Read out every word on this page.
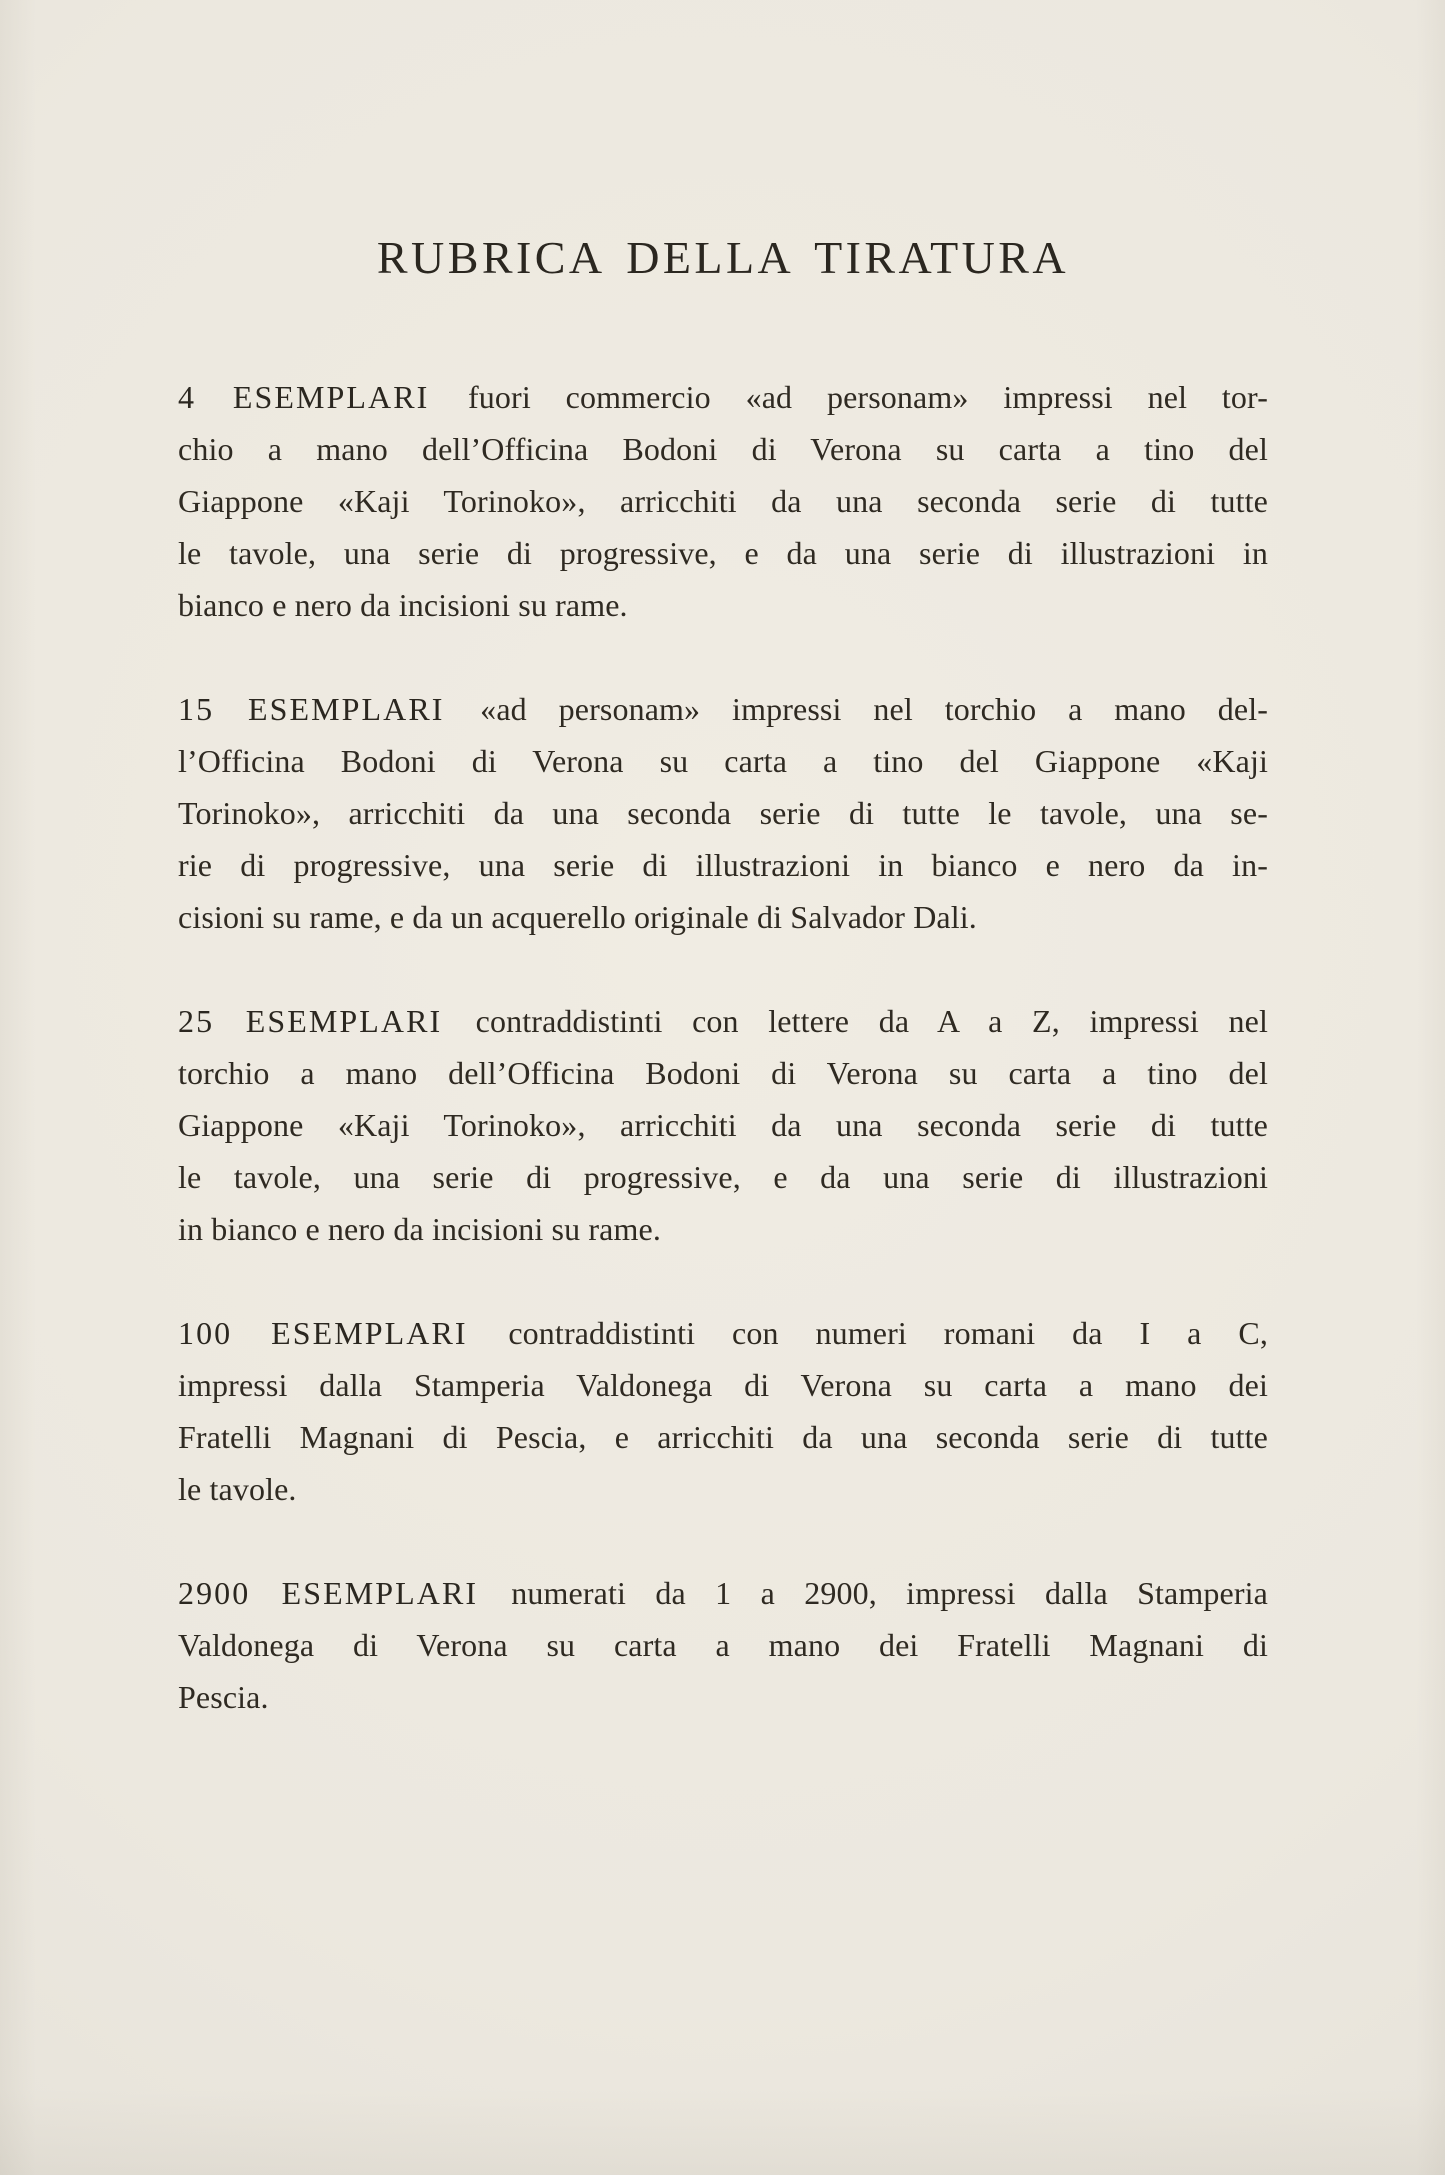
RUBRICA DELLA TIRATURA
4 ESEMPLARI fuori commercio «ad personam» impressi nel tor-
chio a mano dell’Officina Bodoni di Verona su carta a tino del
Giappone «Kaji Torinoko», arricchiti da una seconda serie di tutte
le tavole, una serie di progressive, e da una serie di illustrazioni in
bianco e nero da incisioni su rame.
15 ESEMPLARI «ad personam» impressi nel torchio a mano del-
l’Officina Bodoni di Verona su carta a tino del Giappone «Kaji
Torinoko», arricchiti da una seconda serie di tutte le tavole, una se-
rie di progressive, una serie di illustrazioni in bianco e nero da in-
cisioni su rame, e da un acquerello originale di Salvador Dali.
25 ESEMPLARI contraddistinti con lettere da A a Z, impressi nel
torchio a mano dell’Officina Bodoni di Verona su carta a tino del
Giappone «Kaji Torinoko», arricchiti da una seconda serie di tutte
le tavole, una serie di progressive, e da una serie di illustrazioni
in bianco e nero da incisioni su rame.
100 ESEMPLARI contraddistinti con numeri romani da I a C,
impressi dalla Stamperia Valdonega di Verona su carta a mano dei
Fratelli Magnani di Pescia, e arricchiti da una seconda serie di tutte
le tavole.
2900 ESEMPLARI numerati da 1 a 2900, impressi dalla Stamperia
Valdonega di Verona su carta a mano dei Fratelli Magnani di
Pescia.
